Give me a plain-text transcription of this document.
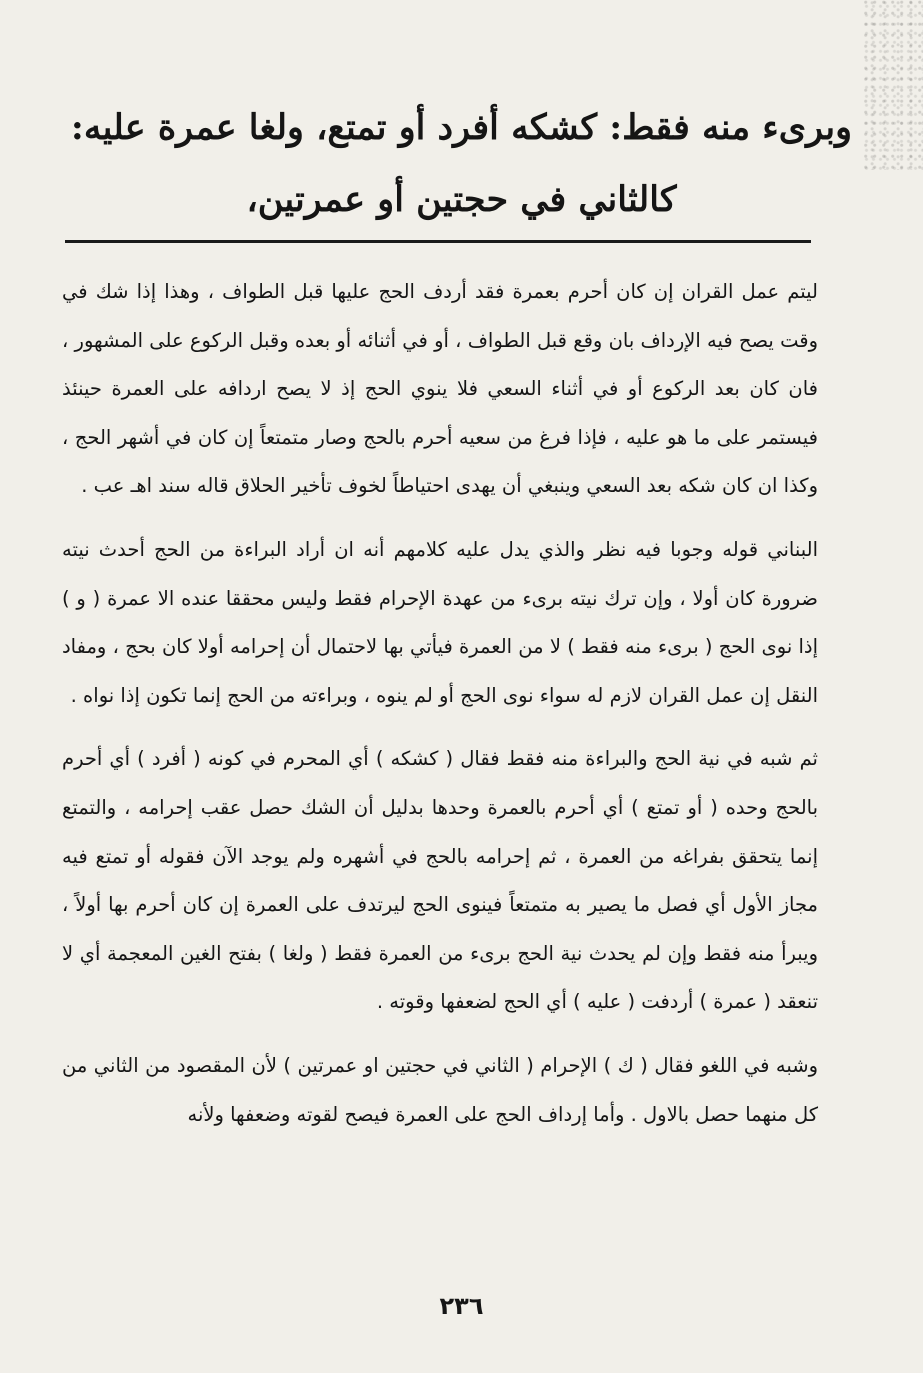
وبرىء منه فقط: كشكه أفرد أو تمتع، ولغا عمرة عليه:
كالثاني في حجتين أو عمرتين،

ليتم عمل القران إن كان أحرم بعمرة فقد أردف الحج عليها قبل الطواف ، وهذا إذا شك في وقت يصح فيه الإرداف بان وقع قبل الطواف ، أو في أثنائه أو بعده وقبل الركوع على المشهور ، فان كان بعد الركوع أو في أثناء السعي فلا ينوي الحج إذ لا يصح اردافه على العمرة حينئذ فيستمر على ما هو عليه ، فإذا فرغ من سعيه أحرم بالحج وصار متمتعاً إن كان في أشهر الحج ، وكذا ان كان شكه بعد السعي وينبغي أن يهدى احتياطاً لخوف تأخير الحلاق قاله سند اهـ عب .

البناني قوله وجوبا فيه نظر والذي يدل عليه كلامهم أنه ان أراد البراءة من الحج أحدث نيته ضرورة كان أولا ، وإن ترك نيته برىء من عهدة الإحرام فقط وليس محققا عنده الا عمرة ( و ) إذا نوى الحج ( برىء منه فقط ) لا من العمرة فيأتي بها لاحتمال أن إحرامه أولا كان بحج ، ومفاد النقل إن عمل القران لازم له سواء نوى الحج أو لم ينوه ، وبراءته من الحج إنما تكون إذا نواه .

ثم شبه في نية الحج والبراءة منه فقط فقال ( كشكه ) أي المحرم في كونه ( أفرد ) أي أحرم بالحج وحده ( أو تمتع ) أي أحرم بالعمرة وحدها بدليل أن الشك حصل عقب إحرامه ، والتمتع إنما يتحقق بفراغه من العمرة ، ثم إحرامه بالحج في أشهره ولم يوجد الآن فقوله أو تمتع فيه مجاز الأول أي فصل ما يصير به متمتعاً فينوى الحج ليرتدف على العمرة إن كان أحرم بها أولاً ، ويبرأ منه فقط وإن لم يحدث نية الحج برىء من العمرة فقط ( ولغا ) بفتح الغين المعجمة أي لا تنعقد ( عمرة ) أردفت ( عليه ) أي الحج لضعفها وقوته .

وشبه في اللغو فقال ( ك ) الإحرام ( الثاني في حجتين او عمرتين ) لأن المقصود من الثاني من كل منهما حصل بالاول . وأما إرداف الحج على العمرة فيصح لقوته وضعفها ولأنه

٢٣٦
